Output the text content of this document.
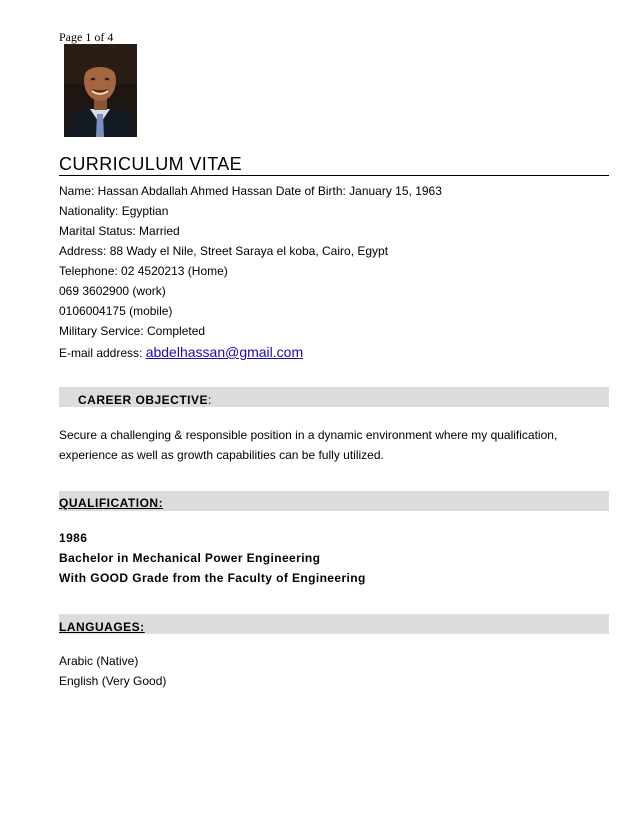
Page 1 of 4
CURRICULUM VITAE
Name: Hassan Abdallah Ahmed Hassan Date of Birth: January 15, 1963
Nationality: Egyptian
Marital Status: Married
Address: 88 Wady el Nile, Street Saraya el koba, Cairo, Egypt
Telephone: 02 4520213 (Home)
069 3602900 (work)
0106004175 (mobile)
Military Service: Completed
E-mail address: abdelhassan@gmail.com
CAREER OBJECTIVE:
Secure a challenging & responsible position in a dynamic environment where my qualification, experience as well as growth capabilities can be fully utilized.
QUALIFICATION:
1986
Bachelor in Mechanical Power Engineering
With GOOD Grade from the Faculty of Engineering
LANGUAGES:
Arabic (Native)
English (Very Good)
